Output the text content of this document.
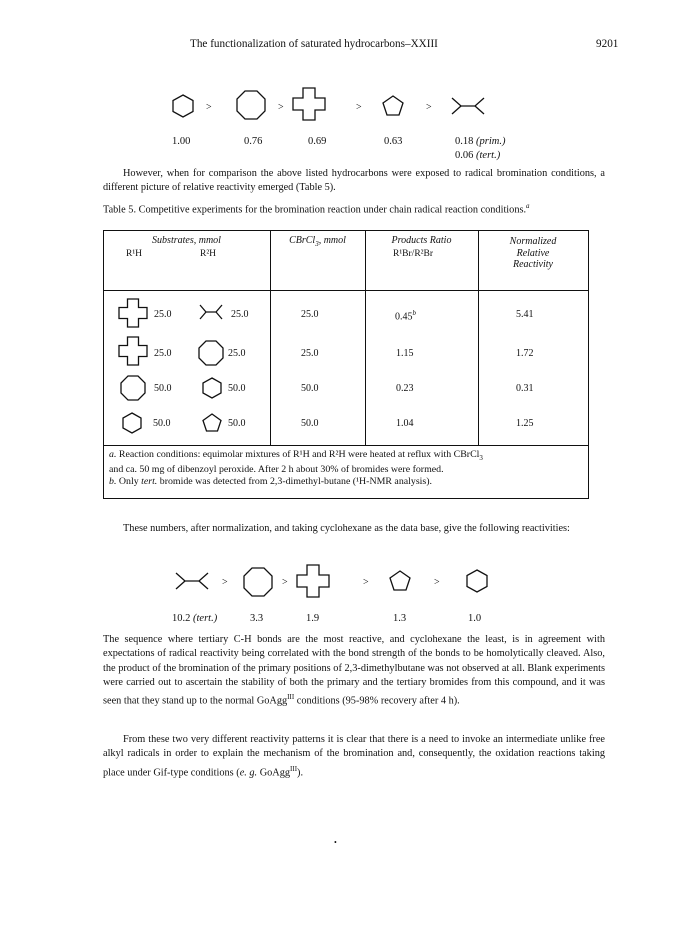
The functionalization of saturated hydrocarbons–XXIII	9201
>	>	>	>
1.00	0.76	0.69	0.63	0.18 (prim.)
0.06 (tert.)

However, when for comparison the above listed hydrocarbons were exposed to radical bromination conditions, a different picture of relative reactivity emerged (Table 5).

Table 5. Competitive experiments for the bromination reaction under chain radical reaction conditions.$^a$
Substrates, mmol
R¹H	R²H
CBrCl$_3$, mmol	Products Ratio
R¹Br/R²Br
Normalized
Relative
Reactivity
25.0	25.0	25.0	0.45$^b$	5.41
25.0	25.0	25.0	1.15	1.72
50.0	50.0	50.0	0.23	0.31
50.0	50.0	50.0	1.04	1.25
a. Reaction conditions: equimolar mixtures of R¹H and R²H were heated at reflux with CBrCl$_3$
and ca. 50 mg of dibenzoyl peroxide. After 2 h about 30% of bromides were formed.
b. Only tert. bromide was detected from 2,3-dimethyl-butane (¹H-NMR analysis).

These numbers, after normalization, and taking cyclohexane as the data base, give the following reactivities:

>	>	>	>
10.2 (tert.)	3.3	1.9	1.3	1.0

The sequence where tertiary C-H bonds are the most reactive, and cyclohexane the least, is in agreement with expectations of radical reactivity being correlated with the bond strength of the bonds to be homolytically cleaved. Also, the product of the bromination of the primary positions of 2,3-dimethylbutane was not observed at all. Blank experiments were carried out to ascertain the stability of both the primary and the tertiary bromides from this compound, and it was seen that they stand up to the normal GoAgg$^{III}$ conditions (95-98% recovery after 4 h).

From these two very different reactivity patterns it is clear that there is a need to invoke an intermediate unlike free alkyl radicals in order to explain the mechanism of the bromination and, consequently, the oxidation reactions taking place under Gif-type conditions (e. g. GoAgg$^{III}$).

•
